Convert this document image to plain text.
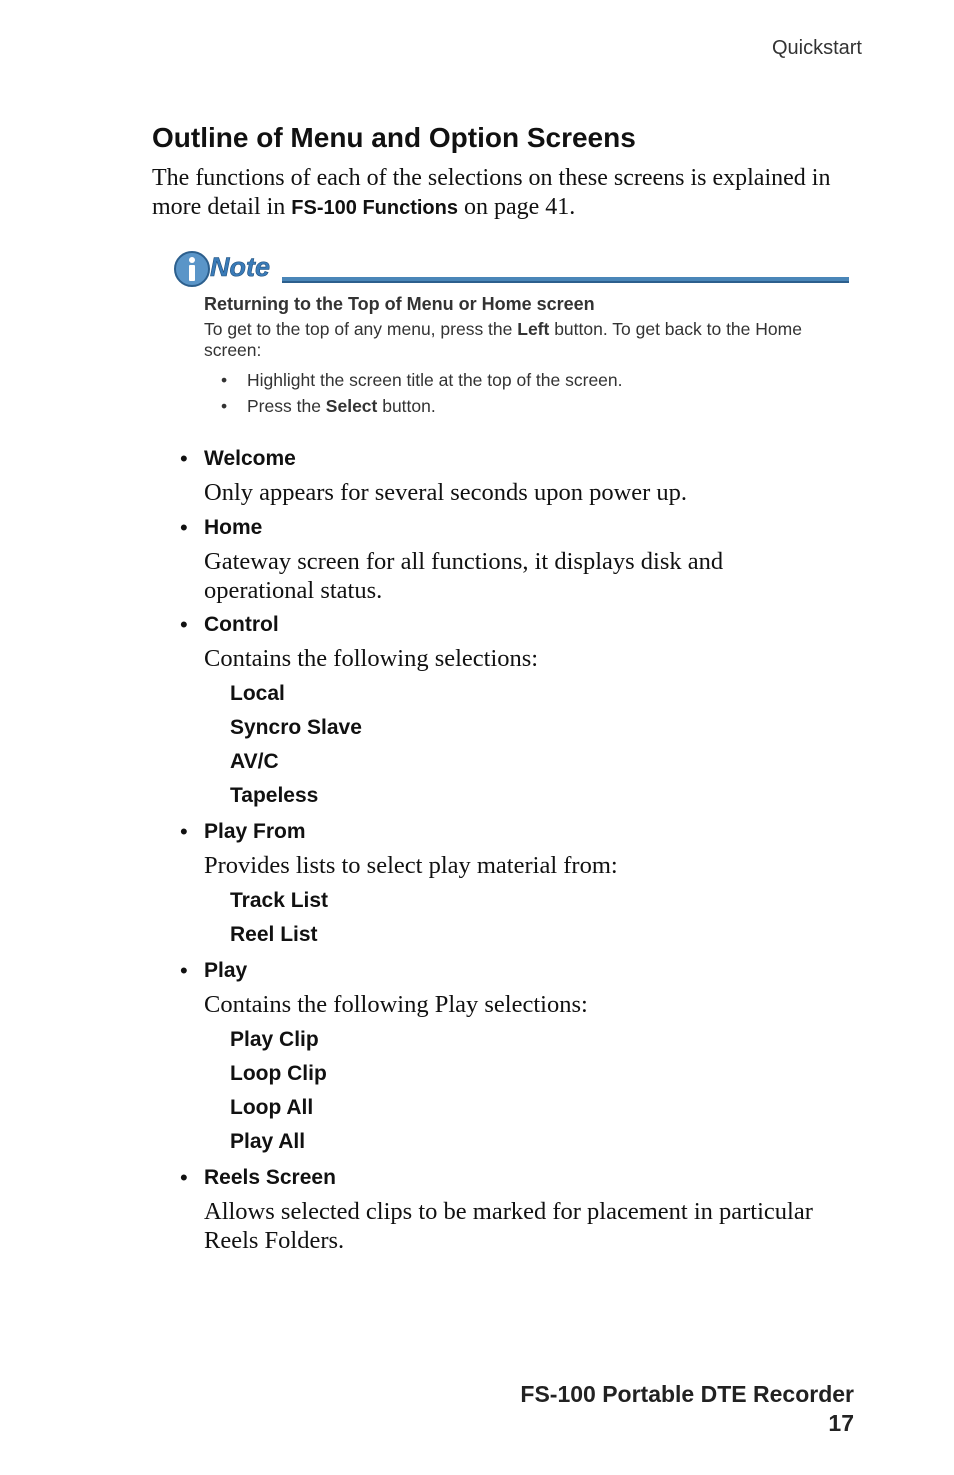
Quickstart
Outline of Menu and Option Screens

The functions of each of the selections on these screens is explained in more detail in FS-100 Functions on page 41.

Note

Returning to the Top of Menu or Home screen

To get to the top of any menu, press the Left button. To get back to the Home screen:

• Highlight the screen title at the top of the screen.
• Press the Select button.
• Welcome
Only appears for several seconds upon power up.
• Home
Gateway screen for all functions, it displays disk and operational status.
• Control
Contains the following selections:
Local
Syncro Slave
AV/C
Tapeless
• Play From
Provides lists to select play material from:
Track List
Reel List
• Play
Contains the following Play selections:
Play Clip
Loop Clip
Loop All
Play All
• Reels Screen
Allows selected clips to be marked for placement in particular Reels Folders.
FS-100 Portable DTE Recorder
17
